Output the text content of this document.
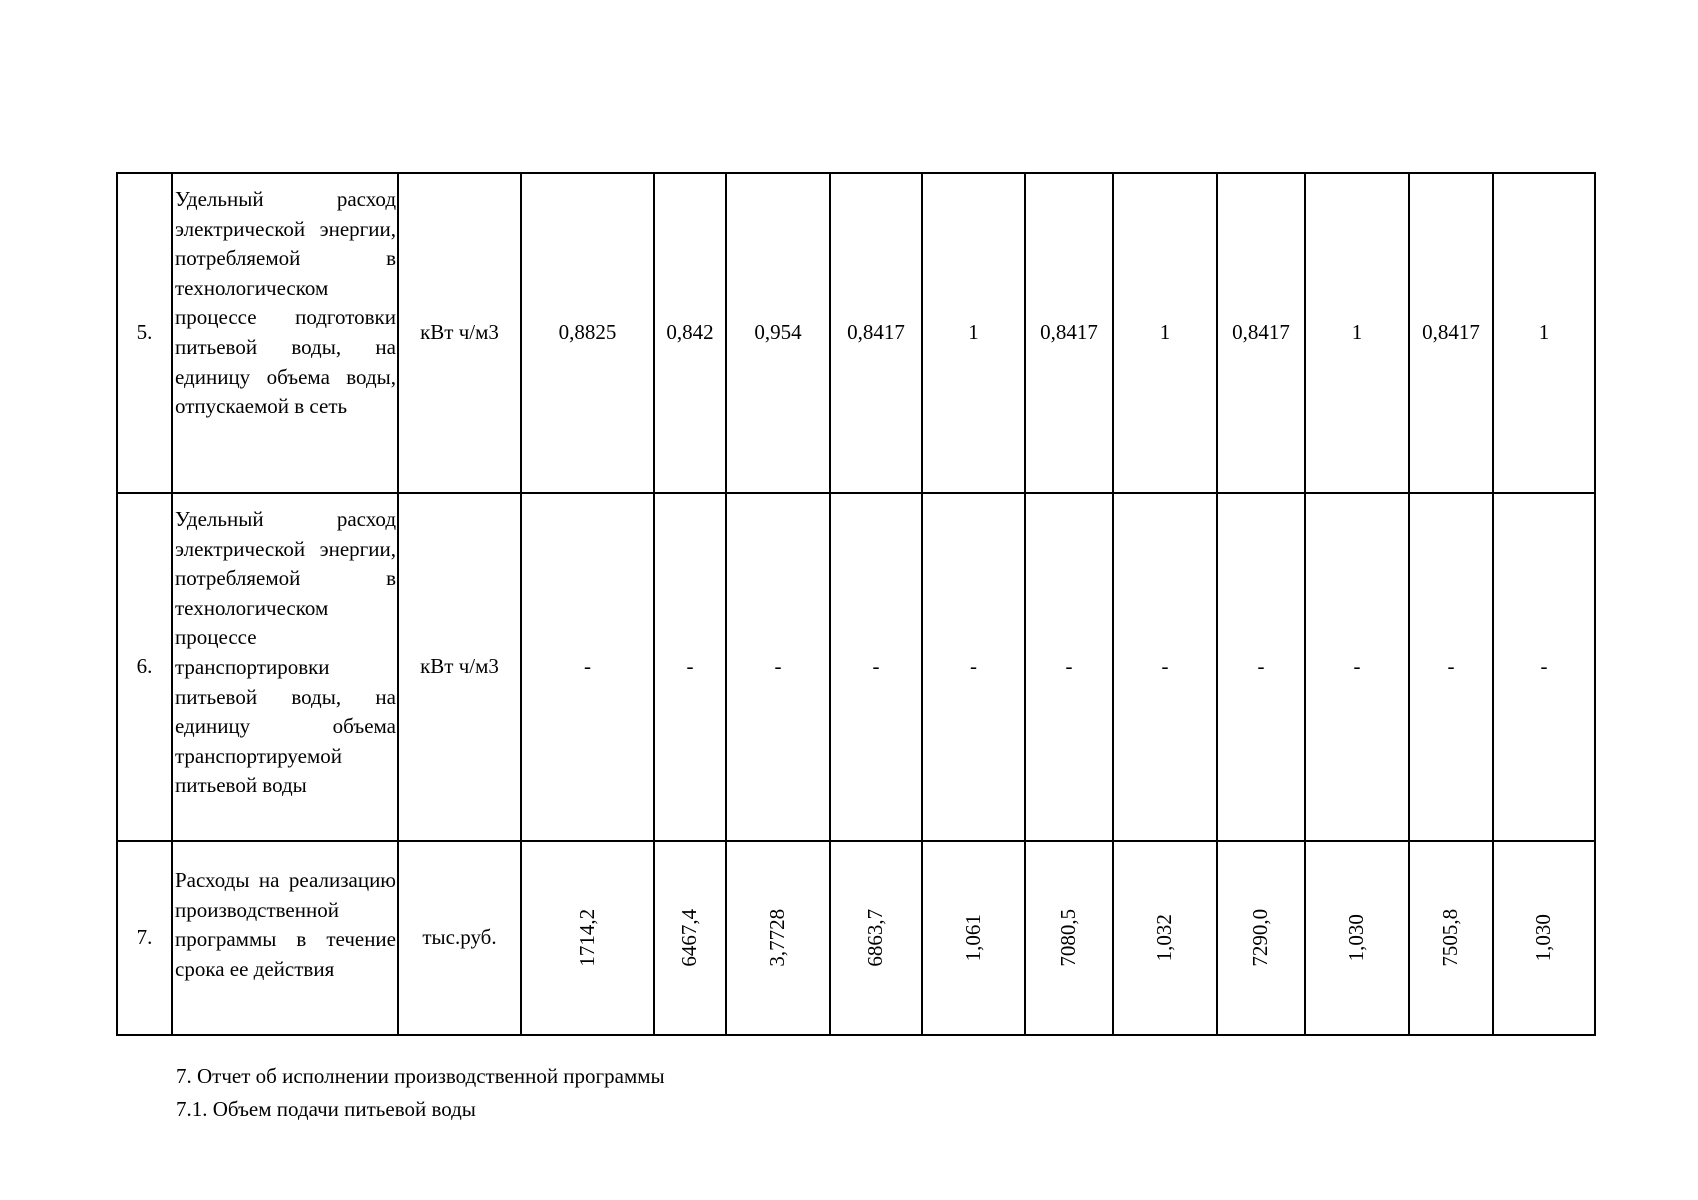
5.	Удельный расход электрической энергии, потребляемой в технологическом процессе подготовки питьевой воды, на единицу объема воды, отпускаемой в сеть	кВт ч/м3	0,8825	0,842	0,954	0,8417	1	0,8417	1	0,8417	1	0,8417	1
6.	Удельный расход электрической энергии, потребляемой в технологическом процессе транспортировки питьевой воды, на единицу объема транспортируемой питьевой воды	кВт ч/м3	-	-	-	-	-	-	-	-	-	-	-
7.	Расходы на реализацию производственной программы в течение срока ее действия	тыс.руб.	1714,2	6467,4	3,7728	6863,7	1,061	7080,5	1,032	7290,0	1,030	7505,8	1,030
7. Отчет об исполнении производственной программы
7.1. Объем подачи питьевой воды
